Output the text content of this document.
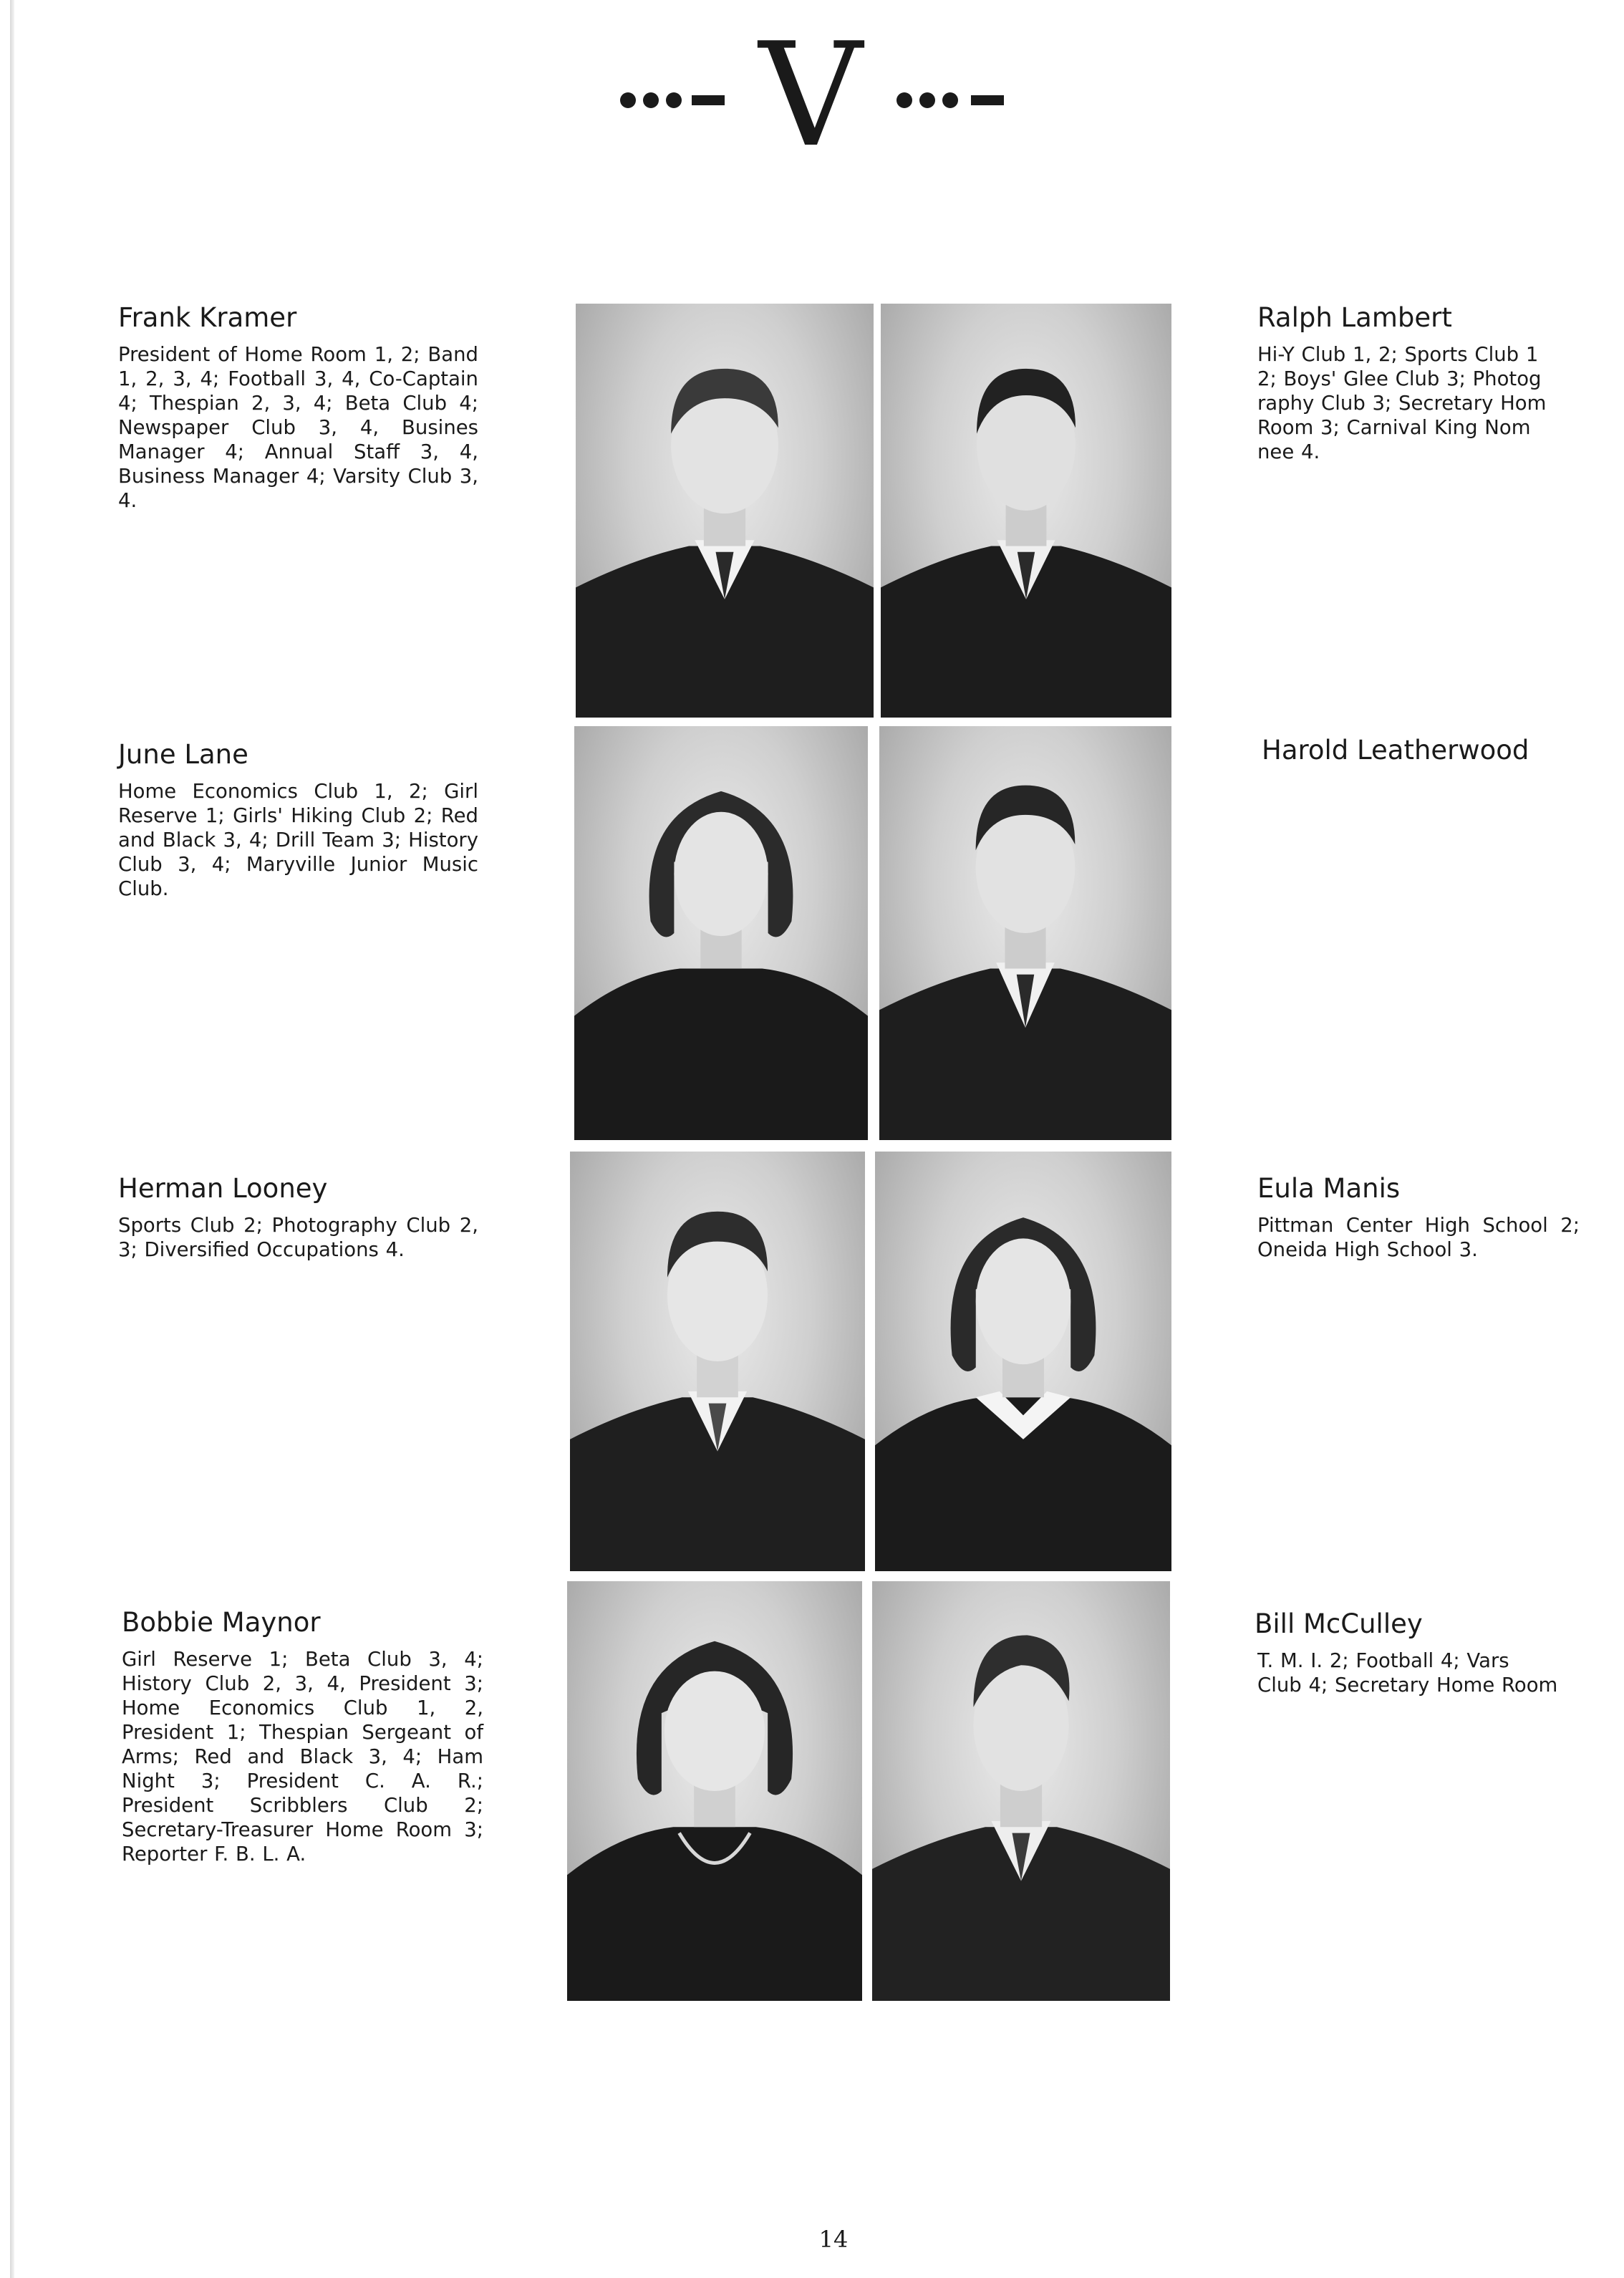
V
Frank Kramer
President of Home Room 1, 2; Band 1, 2, 3, 4; Football 3, 4, Co-Captain 4; Thespian 2, 3, 4; Beta Club 4; Newspaper Club 3, 4, Busines Manager 4; Annual Staff 3, 4, Business Manager 4; Varsity Club 3, 4.
Ralph Lambert
Hi-Y Club 1, 2; Sports Club 1
2; Boys' Glee Club 3; Photog
raphy Club 3; Secretary Hom
Room 3; Carnival King Nom
nee 4.
June Lane
Home Economics Club 1, 2; Girl Reserve 1; Girls' Hiking Club 2; Red and Black 3, 4; Drill Team 3; History Club 3, 4; Maryville Junior Music Club.
Harold Leatherwood
Herman Looney
Sports Club 2; Photography Club 2, 3; Diversified Occupations 4.
Eula Manis
Pittman Center High School 2; Oneida High School 3.
Bobbie Maynor
Girl Reserve 1; Beta Club 3, 4; History Club 2, 3, 4, President 3; Home Economics Club 1, 2, President 1; Thespian Sergeant of Arms; Red and Black 3, 4; Ham Night 3; President C. A. R.; President Scribblers Club 2; Secretary-Treasurer Home Room 3; Reporter F. B. L. A.
Bill McCulley
T. M. I. 2; Football 4; Vars
Club 4; Secretary Home Room
14
